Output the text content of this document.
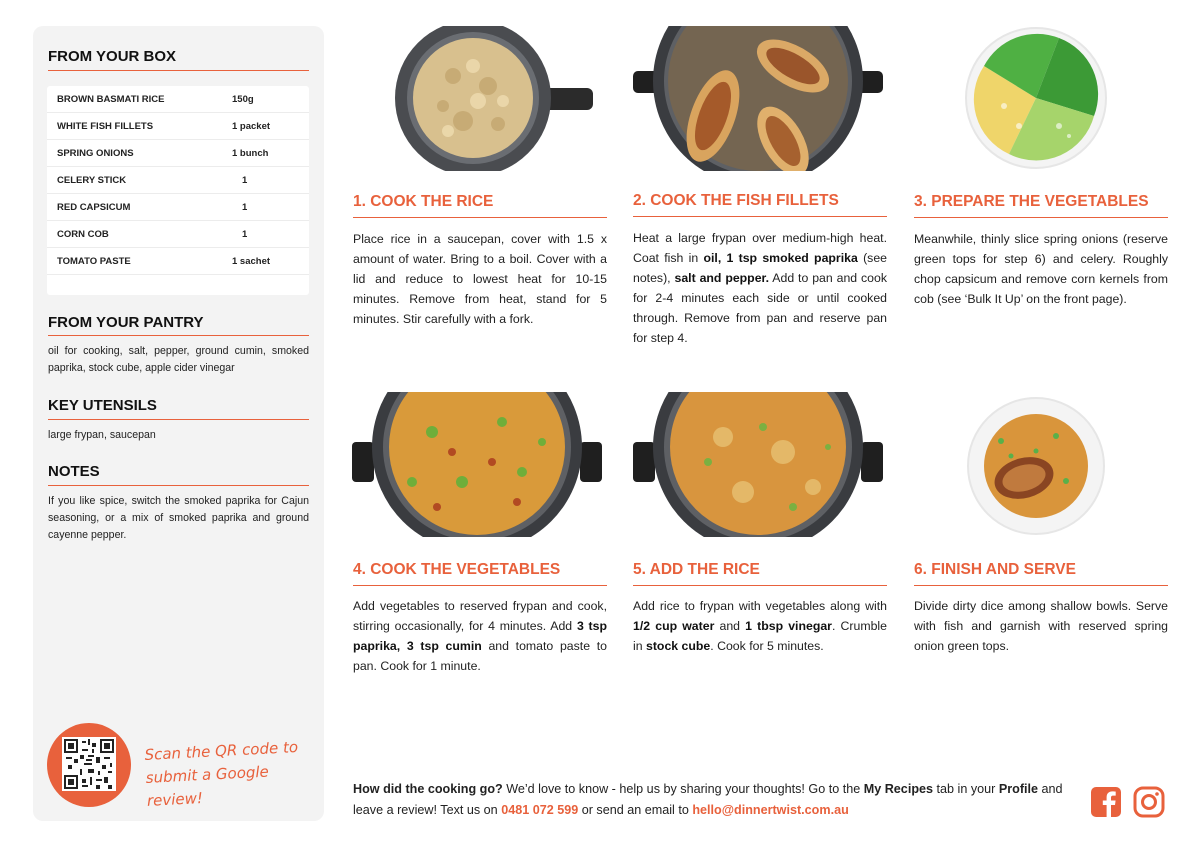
FROM YOUR BOX
BROWN BASMATI RICE	150g
WHITE FISH FILLETS	1 packet
SPRING ONIONS	1 bunch
CELERY STICK	1
RED CAPSICUM	1
CORN COB	1
TOMATO PASTE	1 sachet
FROM YOUR PANTRY
oil for cooking, salt, pepper, ground cumin, smoked paprika, stock cube, apple cider vinegar
KEY UTENSILS
large frypan, saucepan
NOTES
If you like spice, switch the smoked paprika for Cajun seasoning, or a mix of smoked paprika and ground cayenne pepper.
Scan the QR code to
submit a Google review!
1. COOK THE RICE
Place rice in a saucepan, cover with 1.5 x amount of water. Bring to a boil. Cover with a lid and reduce to lowest heat for 10-15 minutes. Remove from heat, stand for 5 minutes. Stir carefully with a fork.
2. COOK THE FISH FILLETS
Heat a large frypan over medium-high heat. Coat fish in oil, 1 tsp smoked paprika (see notes), salt and pepper. Add to pan and cook for 2-4 minutes each side or until cooked through. Remove from pan and reserve pan for step 4.
3. PREPARE THE VEGETABLES
Meanwhile, thinly slice spring onions (reserve green tops for step 6) and celery. Roughly chop capsicum and remove corn kernels from cob (see ‘Bulk It Up’ on the front page).
4. COOK THE VEGETABLES
Add vegetables to reserved frypan and cook, stirring occasionally, for 4 minutes. Add 3 tsp paprika, 3 tsp cumin and tomato paste to pan. Cook for 1 minute.
5. ADD THE RICE
Add rice to frypan with vegetables along with 1/2 cup water and 1 tbsp vinegar. Crumble in stock cube. Cook for 5 minutes.
6. FINISH AND SERVE
Divide dirty dice among shallow bowls. Serve with fish and garnish with reserved spring onion green tops.
How did the cooking go? We’d love to know - help us by sharing your thoughts! Go to the My Recipes tab in your Profile and leave a review! Text us on 0481 072 599 or send an email to hello@dinnertwist.com.au
